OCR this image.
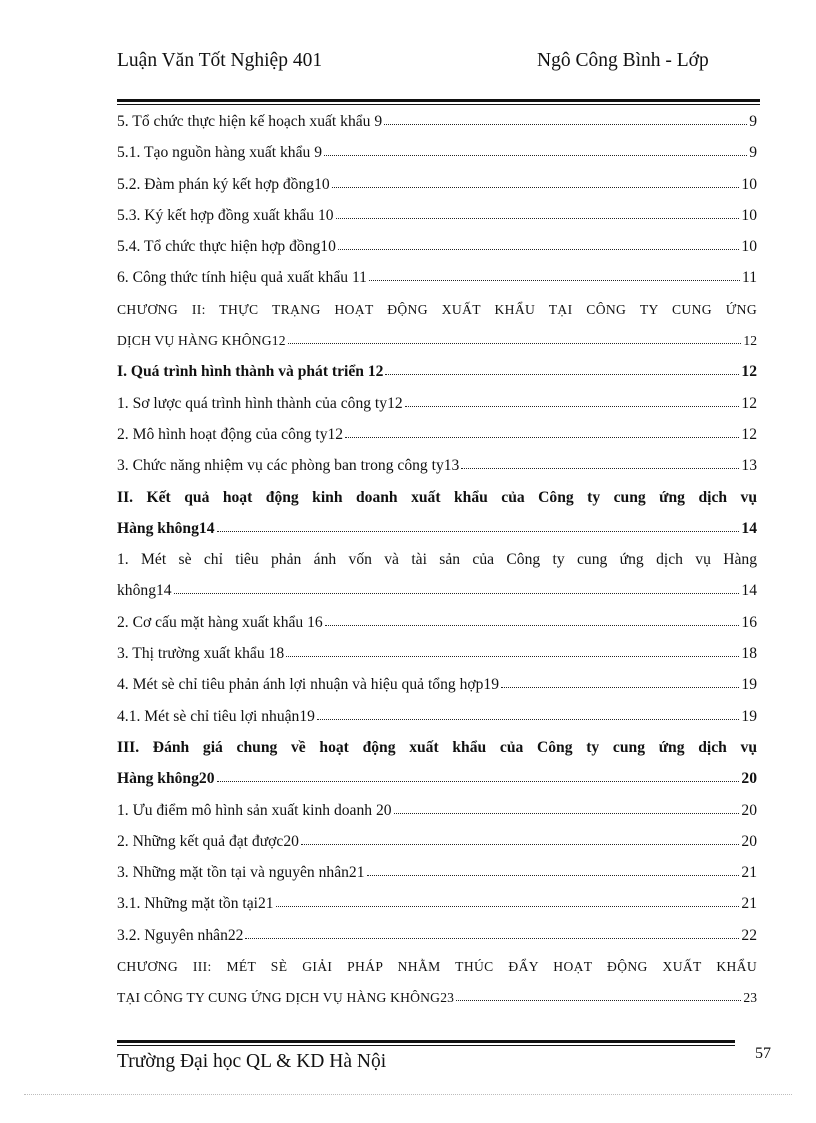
Luận Văn Tốt Nghiệp 401	Ngô Công Bình - Lớp
5. Tổ chức thực hiện kế hoạch xuất khẩu 9	9
5.1. Tạo nguồn hàng xuất khẩu 9	9
5.2. Đàm phán ký kết hợp đồng10	10
5.3. Ký kết hợp đồng xuất khẩu 10	10
5.4. Tổ chức thực hiện hợp đồng10	10
6. Công thức tính hiệu quả xuất khẩu 11	11
CHƯƠNG II: THỰC TRẠNG HOẠT ĐỘNG XUẤT KHẨU TẠI CÔNG TY CUNG ỨNG
DỊCH VỤ HÀNG KHÔNG12	12
I. Quá trình hình thành và phát triển 12	12
1. Sơ lược quá trình hình thành của công ty12	12
2. Mô hình hoạt động của công ty12	12
3. Chức năng nhiệm vụ các phòng ban trong công ty13	13
II. Kết quả hoạt động kinh doanh xuất khẩu của Công ty cung ứng dịch vụ
Hàng không14	14
1. Mét sè chỉ tiêu phản ánh vốn và tài sản của Công ty cung ứng dịch vụ Hàng
không14	14
2. Cơ cấu mặt hàng xuất khẩu 16	16
3. Thị trường xuất khẩu 18	18
4. Mét sè chỉ tiêu phản ánh lợi nhuận và hiệu quả tổng hợp19	19
4.1. Mét sè chỉ tiêu lợi nhuận19	19
III. Đánh giá chung về hoạt động xuất khẩu của Công ty cung ứng dịch vụ
Hàng không20	20
1. Ưu điểm mô hình sản xuất kinh doanh 20	20
2. Những kết quả đạt được20	20
3. Những mặt tồn tại và nguyên nhân21	21
3.1. Những mặt tồn tại21	21
3.2. Nguyên nhân22	22
CHƯƠNG III: MÉT SÈ GIẢI PHÁP NHẰM THÚC ĐẨY HOẠT ĐỘNG XUẤT KHẨU
TẠI CÔNG TY CUNG ỨNG DỊCH VỤ HÀNG KHÔNG23	23
Trường Đại học QL & KD Hà Nội	57
